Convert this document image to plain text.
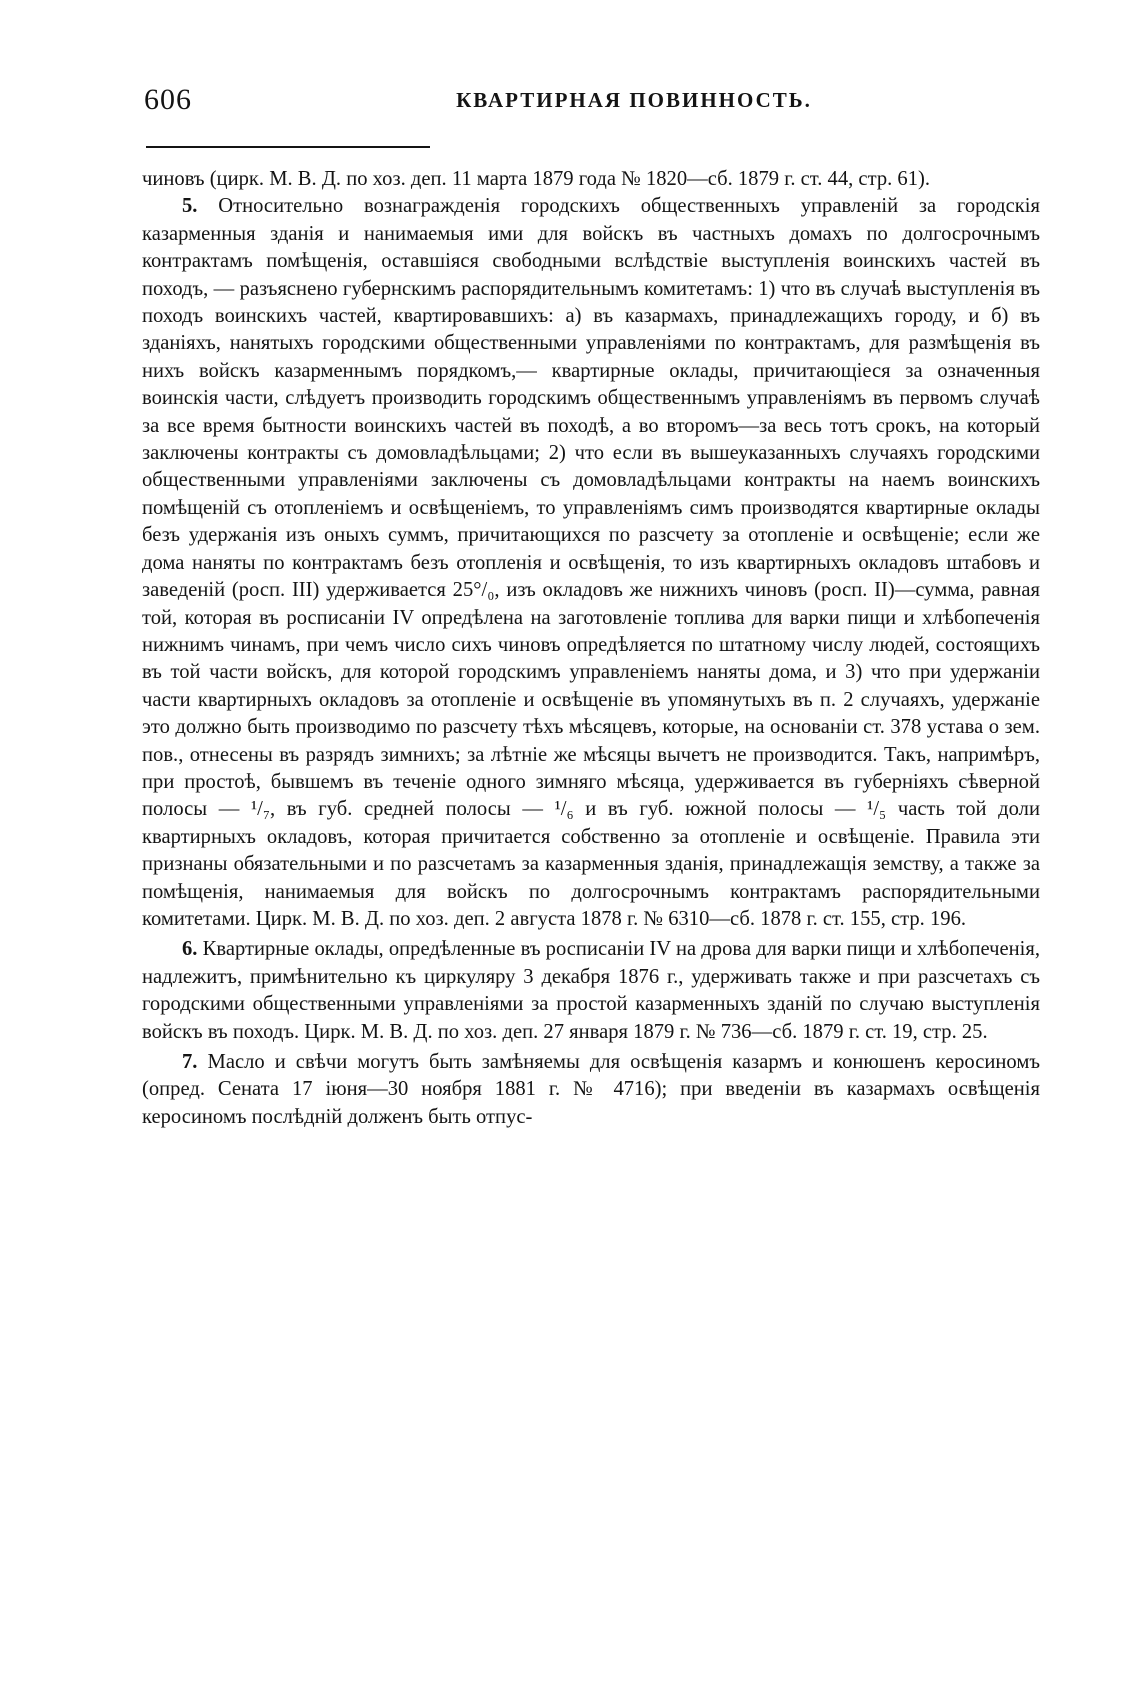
606	КВАРТИРНАЯ ПОВИННОСТЬ.

чиновъ (цирк. М. В. Д. по хоз. деп. 11 марта 1879 года № 1820—сб. 1879 г. ст. 44, стр. 61).

5. Относительно вознагражденія городскихъ общественныхъ управленій за городскія казарменныя зданія и нанимаемыя ими для войскъ въ частныхъ домахъ по долгосрочнымъ контрактамъ помѣщенія, оставшіяся свободными вслѣдствіе выступленія воинскихъ частей въ походъ, — разъяснено губернскимъ распорядительнымъ комитетамъ: 1) что въ случаѣ выступленія въ походъ воинскихъ частей, квартировавшихъ: а) въ казармахъ, принадлежащихъ городу, и б) въ зданіяхъ, нанятыхъ городскими общественными управленіями по контрактамъ, для размѣщенія въ нихъ войскъ казарменнымъ порядкомъ,— квартирные оклады, причитающіеся за означенныя воинскія части, слѣдуетъ производить городскимъ общественнымъ управленіямъ въ первомъ случаѣ за все время бытности воинскихъ частей въ походѣ, а во второмъ—за весь тотъ срокъ, на который заключены контракты съ домовладѣльцами; 2) что если въ вышеуказанныхъ случаяхъ городскими общественными управленіями заключены съ домовладѣльцами контракты на наемъ воинскихъ помѣщеній съ отопленіемъ и освѣщеніемъ, то управленіямъ симъ производятся квартирные оклады безъ удержанія изъ оныхъ суммъ, причитающихся по разсчету за отопленіе и освѣщеніе; если же дома наняты по контрактамъ безъ отопленія и освѣщенія, то изъ квартирныхъ окладовъ штабовъ и заведеній (росп. III) удерживается 25°/₀, изъ окладовъ же нижнихъ чиновъ (росп. II)—сумма, равная той, которая въ росписаніи IV опредѣлена на заготовленіе топлива для варки пищи и хлѣбопеченія нижнимъ чинамъ, при чемъ число сихъ чиновъ опредѣляется по штатному числу людей, состоящихъ въ той части войскъ, для которой городскимъ управленіемъ наняты дома, и 3) что при удержаніи части квартирныхъ окладовъ за отопленіе и освѣщеніе въ упомянутыхъ въ п. 2 случаяхъ, удержаніе это должно быть производимо по разсчету тѣхъ мѣсяцевъ, которые, на основаніи ст. 378 устава о зем. пов., отнесены въ разрядъ зимнихъ; за лѣтніе же мѣсяцы вычетъ не производится. Такъ, напримѣръ, при простоѣ, бывшемъ въ теченіе одного зимняго мѣсяца, удерживается въ губерніяхъ сѣверной полосы — ¹/₇, въ губ. средней полосы — ¹/₆ и въ губ. южной полосы — ¹/₅ часть той доли квартирныхъ окладовъ, которая причитается собственно за отопленіе и освѣщеніе. Правила эти признаны обязательными и по разсчетамъ за казарменныя зданія, принадлежащія земству, а также за помѣщенія, нанимаемыя для войскъ по долгосрочнымъ контрактамъ распорядительными комитетами. Цирк. М. В. Д. по хоз. деп. 2 августа 1878 г. № 6310—сб. 1878 г. ст. 155, стр. 196.

6. Квартирные оклады, опредѣленные въ росписаніи IV на дрова для варки пищи и хлѣбопеченія, надлежитъ, примѣнительно къ циркуляру 3 декабря 1876 г., удерживать также и при разсчетахъ съ городскими общественными управленіями за простой казарменныхъ зданій по случаю выступленія войскъ въ походъ. Цирк. М. В. Д. по хоз. деп. 27 января 1879 г. № 736—сб. 1879 г. ст. 19, стр. 25.

7. Масло и свѣчи могутъ быть замѣняемы для освѣщенія казармъ и конюшенъ керосиномъ (опред. Сената 17 іюня—30 ноября 1881 г. № 4716); при введеніи въ казармахъ освѣщенія керосиномъ послѣдній долженъ быть отпус-
